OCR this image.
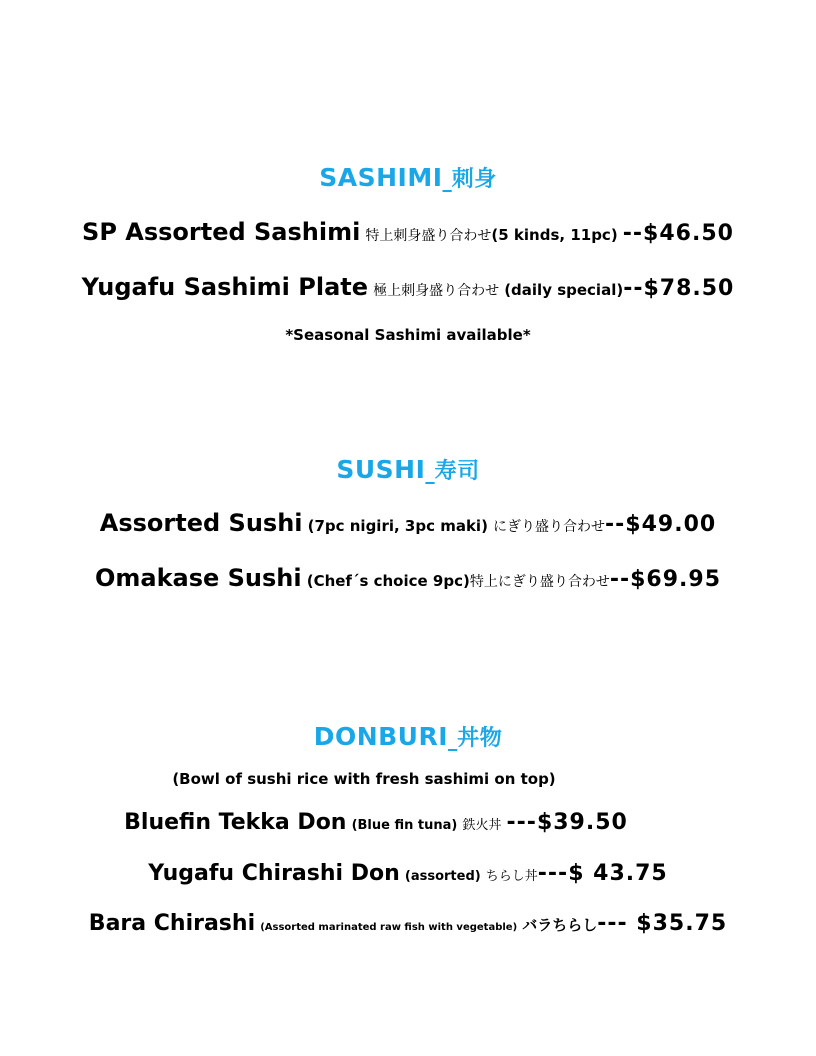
SASHIMI 刺身
SP Assorted Sashimi 特上刺身盛り合わせ(5 kinds, 11pc) --$46.50
Yugafu Sashimi Plate 極上刺身盛り合わせ (daily special)--$78.50
*Seasonal Sashimi available*
SUSHI 寿司
Assorted Sushi (7pc nigiri, 3pc maki) にぎり盛り合わせ--$49.00
Omakase Sushi (Chef´s choice 9pc)特上にぎり盛り合わせ--$69.95
DONBURI 丼物
(Bowl of sushi rice with fresh sashimi on top)
Bluefin Tekka Don (Blue fin tuna) 鉄火丼 ---$39.50
Yugafu Chirashi Don (assorted) ちらし丼---$ 43.75
Bara Chirashi (Assorted marinated raw fish with vegetable) バラちらし--- $35.75
